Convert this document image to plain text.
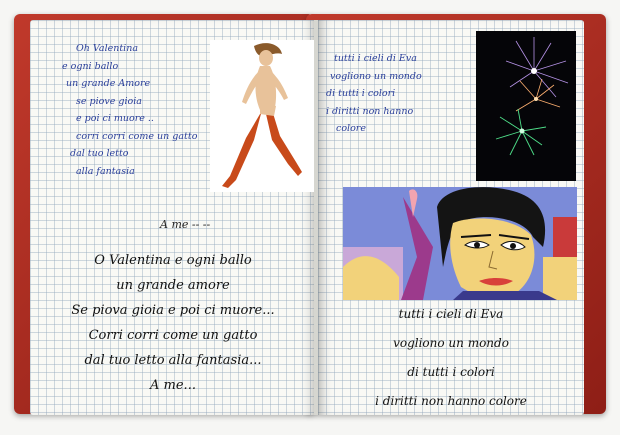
Oh Valentina
e ogni ballo
un grande Amore
se piove gioia
e poi ci muore ..
corri corri come un gatto
dal tuo letto
alla fantasia
A me -- --
O Valentina e ogni ballo
un grande amore
Se piova gioia e poi ci muore...
Corri corri come un gatto
dal tuo letto alla fantasia...
A me...
tutti i cieli di Eva
vogliono un mondo
di tutti i colori
i diritti non hanno
colore
tutti i cieli di Eva
vogliono un mondo
di tutti i colori
i diritti non hanno colore
